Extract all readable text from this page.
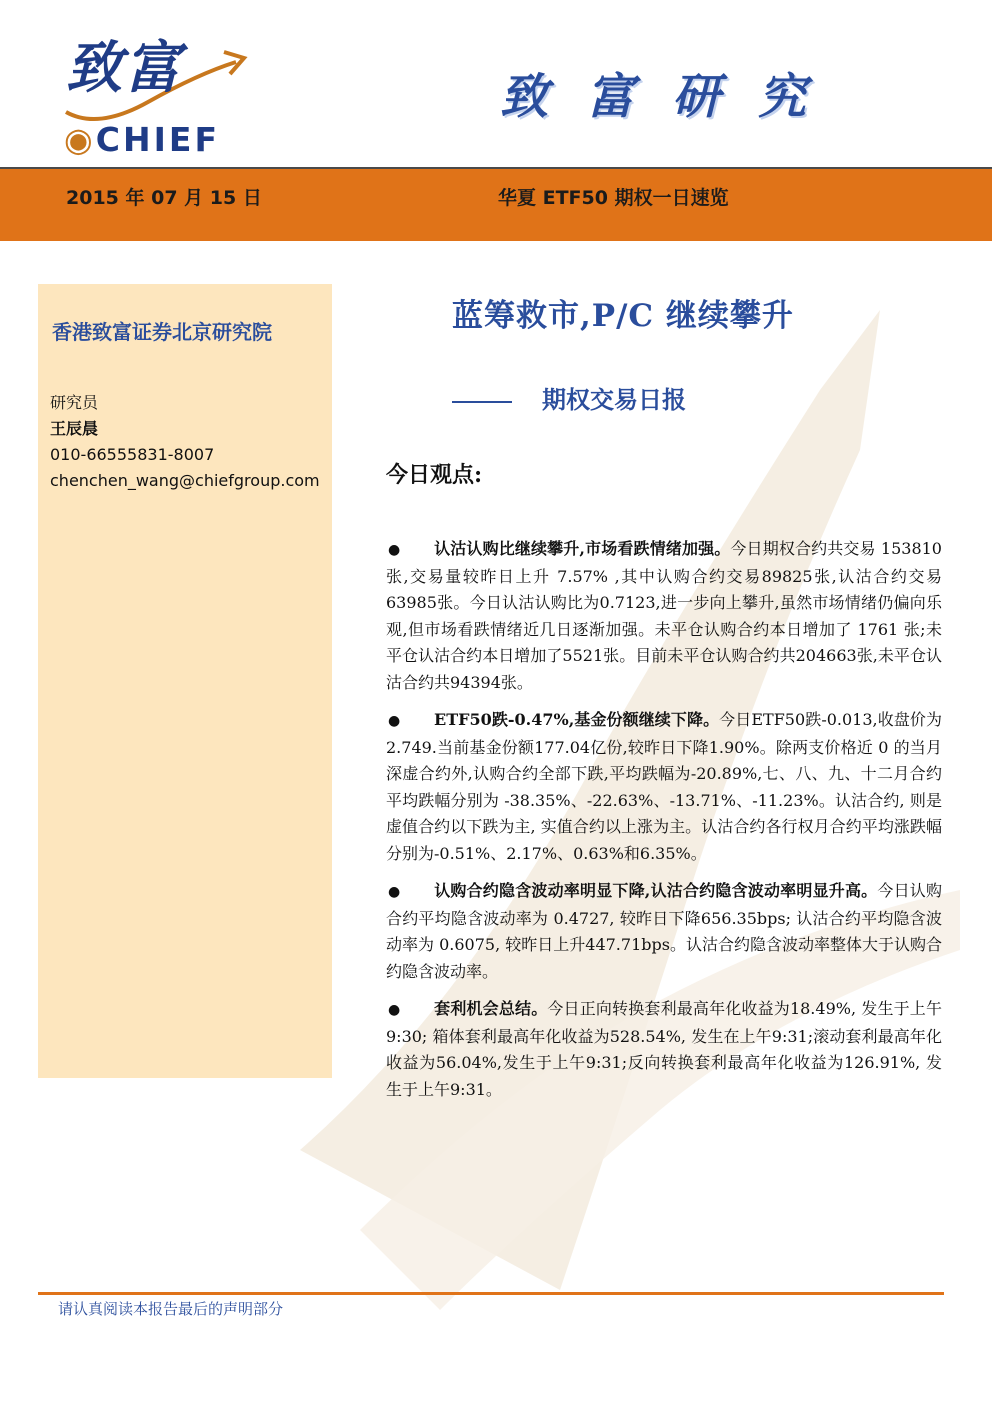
致富
◉CHIEF
致富研究
2015 年 07 月 15 日	华夏 ETF50 期权一日速览
香港致富证券北京研究院
研究员
王辰晨
010-66555831-8007
chenchen_wang@chiefgroup.com
蓝筹救市,P/C 继续攀升
期权交易日报
今日观点:
● 认沽认购比继续攀升,市场看跌情绪加强。今日期权合约共交易 153810 张,交易量较昨日上升 7.57% ,其中认购合约交易89825张,认沽合约交易63985张。今日认沽认购比为0.7123,进一步向上攀升,虽然市场情绪仍偏向乐观,但市场看跌情绪近几日逐渐加强。未平仓认购合约本日增加了 1761 张;未平仓认沽合约本日增加了5521张。目前未平仓认购合约共204663张,未平仓认沽合约共94394张。
● ETF50跌-0.47%,基金份额继续下降。今日ETF50跌-0.013,收盘价为2.749.当前基金份额177.04亿份,较昨日下降1.90%。除两支价格近 0 的当月深虚合约外,认购合约全部下跌,平均跌幅为-20.89%,七、八、九、十二月合约平均跌幅分别为 -38.35%、-22.63%、-13.71%、-11.23%。认沽合约, 则是虚值合约以下跌为主, 实值合约以上涨为主。认沽合约各行权月合约平均涨跌幅分别为-0.51%、2.17%、0.63%和6.35%。
● 认购合约隐含波动率明显下降,认沽合约隐含波动率明显升高。今日认购合约平均隐含波动率为 0.4727, 较昨日下降656.35bps; 认沽合约平均隐含波动率为 0.6075, 较昨日上升447.71bps。认沽合约隐含波动率整体大于认购合约隐含波动率。
● 套利机会总结。今日正向转换套利最高年化收益为18.49%, 发生于上午9:30; 箱体套利最高年化收益为528.54%, 发生在上午9:31;滚动套利最高年化收益为56.04%,发生于上午9:31;反向转换套利最高年化收益为126.91%, 发生于上午9:31。
请认真阅读本报告最后的声明部分
